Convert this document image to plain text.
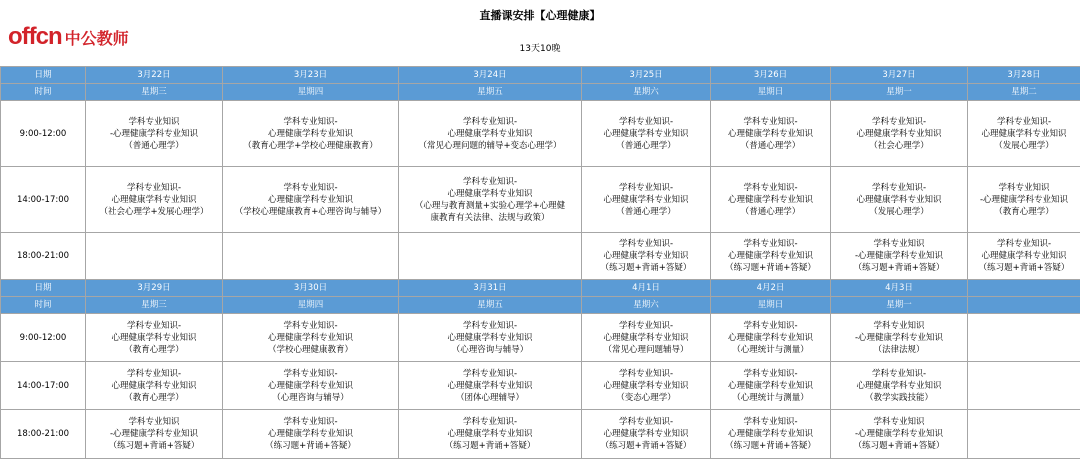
offcn 中公教师
直播课安排【心理健康】
13天10晚
日期	3月22日	3月23日	3月24日	3月25日	3月26日	3月27日	3月28日
时间	星期三	星期四	星期五	星期六	星期日	星期一	星期二
9:00-12:00	学科专业知识
-心理健康学科专业知识
（普通心理学）	学科专业知识-
心理健康学科专业知识
（教育心理学+学校心理健康教育）	学科专业知识-
心理健康学科专业知识
（常见心理问题的辅导+变态心理学）	学科专业知识-
心理健康学科专业知识
（普通心理学）	学科专业知识-
心理健康学科专业知识
（普通心理学）	学科专业知识-
心理健康学科专业知识
（社会心理学）	学科专业知识-
心理健康学科专业知识
（发展心理学）
14:00-17:00	学科专业知识-
心理健康学科专业知识
（社会心理学+发展心理学）	学科专业知识-
心理健康学科专业知识
（学校心理健康教育+心理咨询与辅导）	学科专业知识-
心理健康学科专业知识
（心理与教育测量+实验心理学+心理健
康教育有关法律、法规与政策）	学科专业知识-
心理健康学科专业知识
（普通心理学）	学科专业知识-
心理健康学科专业知识
（普通心理学）	学科专业知识-
心理健康学科专业知识
（发展心理学）	学科专业知识
-心理健康学科专业知识
（教育心理学）
18:00-21:00				学科专业知识-
心理健康学科专业知识
（练习题+背诵+答疑）	学科专业知识-
心理健康学科专业知识
（练习题+背诵+答疑）	学科专业知识
-心理健康学科专业知识
（练习题+背诵+答疑）	学科专业知识-
心理健康学科专业知识
（练习题+背诵+答疑）
日期	3月29日	3月30日	3月31日	4月1日	4月2日	4月3日	
时间	星期三	星期四	星期五	星期六	星期日	星期一	
9:00-12:00	学科专业知识-
心理健康学科专业知识
（教育心理学）	学科专业知识-
心理健康学科专业知识
（学校心理健康教育）	学科专业知识-
心理健康学科专业知识
（心理咨询与辅导）	学科专业知识-
心理健康学科专业知识
（常见心理问题辅导）	学科专业知识-
心理健康学科专业知识
（心理统计与测量）	学科专业知识
-心理健康学科专业知识
（法律法规）	
14:00-17:00	学科专业知识-
心理健康学科专业知识
（教育心理学）	学科专业知识-
心理健康学科专业知识
（心理咨询与辅导）	学科专业知识-
心理健康学科专业知识
（团体心理辅导）	学科专业知识-
心理健康学科专业知识
（变态心理学）	学科专业知识-
心理健康学科专业知识
（心理统计与测量）	学科专业知识-
心理健康学科专业知识
（教学实践技能）	
18:00-21:00	学科专业知识
-心理健康学科专业知识
（练习题+背诵+答疑）	学科专业知识-
心理健康学科专业知识
（练习题+背诵+答疑）	学科专业知识-
心理健康学科专业知识
（练习题+背诵+答疑）	学科专业知识-
心理健康学科专业知识
（练习题+背诵+答疑）	学科专业知识-
心理健康学科专业知识
（练习题+背诵+答疑）	学科专业知识
-心理健康学科专业知识
（练习题+背诵+答疑）	
